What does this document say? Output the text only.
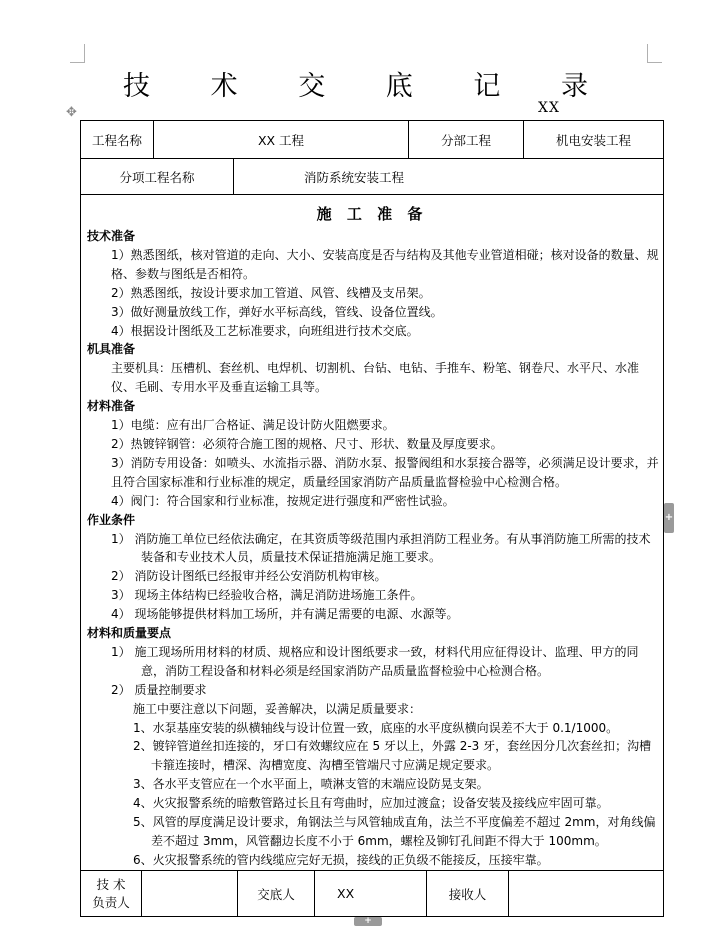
✥
技 术 交 底 记 录
XX
工程名称	XX 工程	分部工程	机电安装工程
分项工程名称	消防系统安装工程
施 工 准 备

技术准备

1）熟悉图纸，核对管道的走向、大小、安装高度是否与结构及其他专业管道相碰；核对设备的数量、规格、参数与图纸是否相符。

2）熟悉图纸，按设计要求加工管道、风管、线槽及支吊架。

3）做好测量放线工作，弹好水平标高线，管线、设备位置线。

4）根据设计图纸及工艺标准要求，向班组进行技术交底。

机具准备

主要机具：压槽机、套丝机、电焊机、切割机、台钻、电钻、手推车、粉笔、钢卷尺、水平尺、水准仪、毛刷、专用水平及垂直运输工具等。

材料准备

1）电缆：应有出厂合格证、满足设计防火阻燃要求。

2）热镀锌钢管：必须符合施工图的规格、尺寸、形状、数量及厚度要求。

3）消防专用设备：如喷头、水流指示器、消防水泵、报警阀组和水泵接合器等，必须满足设计要求，并且符合国家标准和行业标准的规定，质量经国家消防产品质量监督检验中心检测合格。

4）阀门：符合国家和行业标准，按规定进行强度和严密性试验。

作业条件

1） 消防施工单位已经依法确定，在其资质等级范围内承担消防工程业务。有从事消防施工所需的技术装备和专业技术人员，质量技术保证措施满足施工要求。

2） 消防设计图纸已经报审并经公安消防机构审核。

3） 现场主体结构已经验收合格，满足消防进场施工条件。

4） 现场能够提供材料加工场所，并有满足需要的电源、水源等。

材料和质量要点

1） 施工现场所用材料的材质、规格应和设计图纸要求一致，材料代用应征得设计、监理、甲方的同意，消防工程设备和材料必须是经国家消防产品质量监督检验中心检测合格。

2） 质量控制要求

施工中要注意以下问题，妥善解决，以满足质量要求：

1、水泵基座安装的纵横轴线与设计位置一致，底座的水平度纵横向误差不大于 0.1/1000。

2、镀锌管道丝扣连接的，牙口有效螺纹应在 5 牙以上，外露 2-3 牙，套丝因分几次套丝扣；沟槽卡箍连接时，槽深、沟槽宽度、沟槽至管端尺寸应满足规定要求。

3、各水平支管应在一个水平面上，喷淋支管的末端应设防晃支架。

4、火灾报警系统的暗敷管路过长且有弯曲时，应加过渡盒；设备安装及接线应牢固可靠。

5、风管的厚度满足设计要求，角钢法兰与风管轴成直角，法兰不平度偏差不超过 2mm，对角线偏差不超过 3mm，风管翻边长度不小于 6mm，螺栓及铆钉孔间距不得大于 100mm。

6、火灾报警系统的管内线缆应完好无损，接线的正负级不能接反，压接牢靠。

技 术
负责人
交底人	XX	接收人
+
+
